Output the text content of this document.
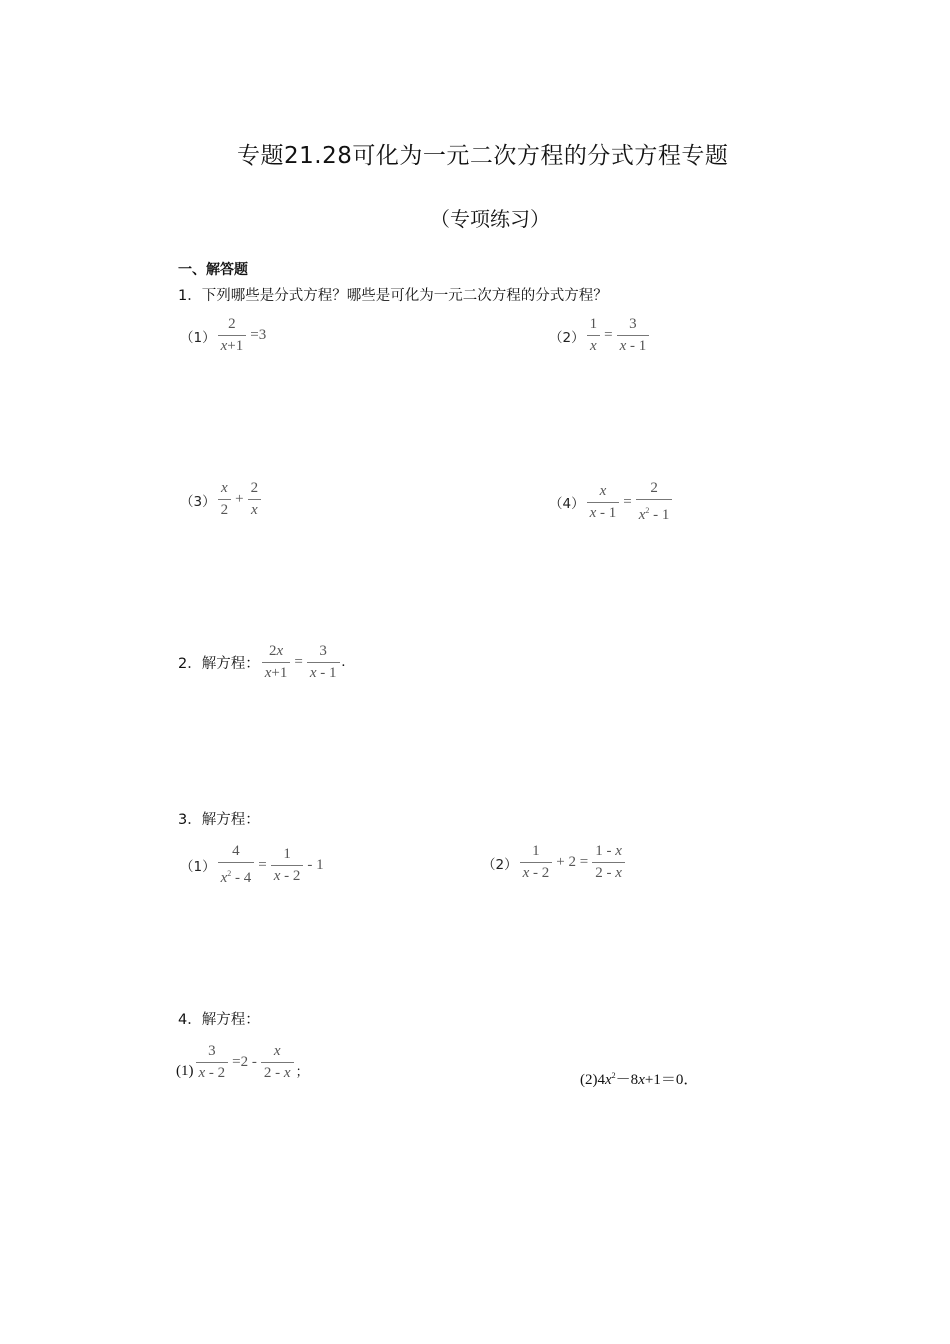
专题21.28可化为一元二次方程的分式方程专题
（专项练习）
一、解答题
1．下列哪些是分式方程？哪些是可化为一元二次方程的分式方程？
$(1) \frac{2}{x+1} =3$	$(2) \frac{1}{x} = \frac{3}{x - 1}$
$(3) \frac{x}{2} + \frac{2}{x}$	$(4) \frac{x}{x - 1} = \frac{2}{x^2 - 1}$
2．解方程： $\frac{2x}{x+1} = \frac{3}{x - 1}$ .
3．解方程：
$(1) \frac{4}{x^2 - 4} = \frac{1}{x - 2} - 1$	$(2) \frac{1}{x - 2} + 2 = \frac{1 - x}{2 - x}$
4．解方程：
$(1) \frac{3}{x - 2} =2 - \frac{x}{2 - x}$ ；
$(2)4x^2-8x+1=0$．
